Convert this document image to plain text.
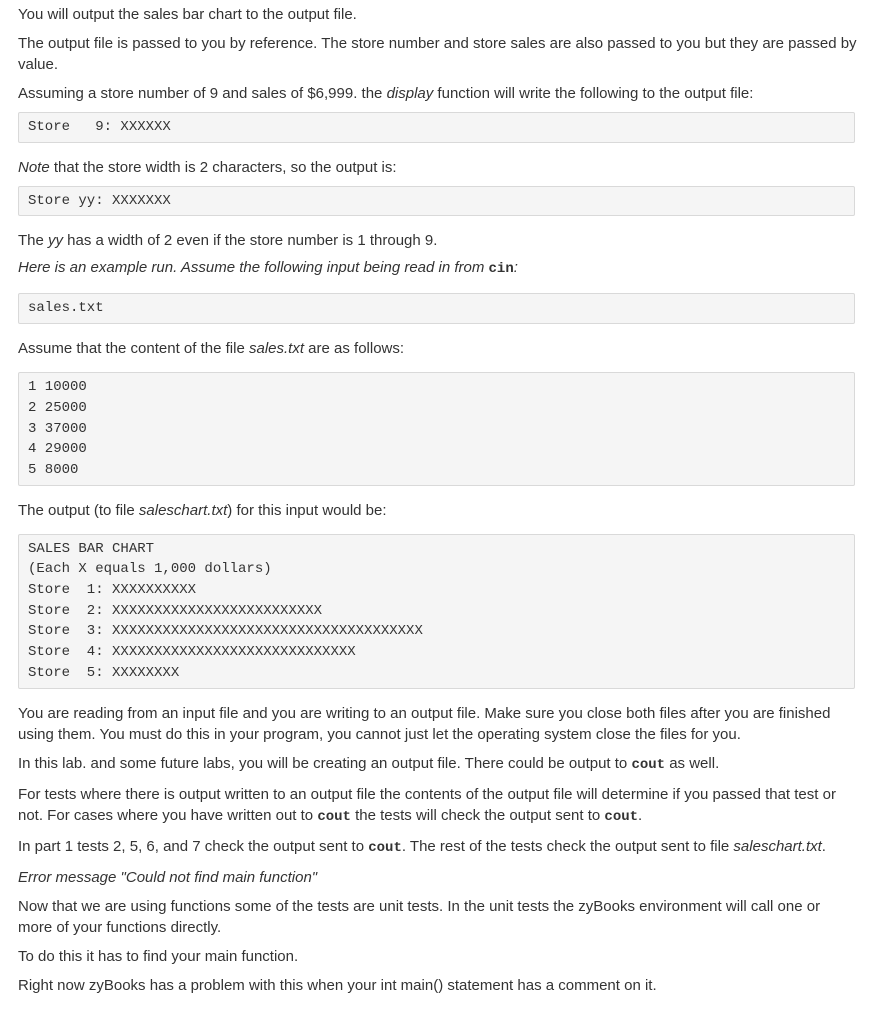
You will output the sales bar chart to the output file.

The output file is passed to you by reference. The store number and store sales are also passed to you but they are passed by value.

Assuming a store number of 9 and sales of $6,999. the display function will write the following to the output file:

Store   9: XXXXXX

Note that the store width is 2 characters, so the output is:

Store yy: XXXXXXX

The yy has a width of 2 even if the store number is 1 through 9.

Here is an example run. Assume the following input being read in from cin:

sales.txt

Assume that the content of the file sales.txt are as follows:

1 10000
2 25000
3 37000
4 29000
5 8000

The output (to file saleschart.txt) for this input would be:

SALES BAR CHART
(Each X equals 1,000 dollars)
Store  1: XXXXXXXXXX
Store  2: XXXXXXXXXXXXXXXXXXXXXXXXX
Store  3: XXXXXXXXXXXXXXXXXXXXXXXXXXXXXXXXXXXXX
Store  4: XXXXXXXXXXXXXXXXXXXXXXXXXXXXX
Store  5: XXXXXXXX

You are reading from an input file and you are writing to an output file. Make sure you close both files after you are finished using them. You must do this in your program, you cannot just let the operating system close the files for you.

In this lab. and some future labs, you will be creating an output file. There could be output to cout as well.

For tests where there is output written to an output file the contents of the output file will determine if you passed that test or not. For cases where you have written out to cout the tests will check the output sent to cout.

In part 1 tests 2, 5, 6, and 7 check the output sent to cout. The rest of the tests check the output sent to file saleschart.txt.

Error message "Could not find main function"

Now that we are using functions some of the tests are unit tests. In the unit tests the zyBooks environment will call one or more of your functions directly.

To do this it has to find your main function.

Right now zyBooks has a problem with this when your int main() statement has a comment on it.
